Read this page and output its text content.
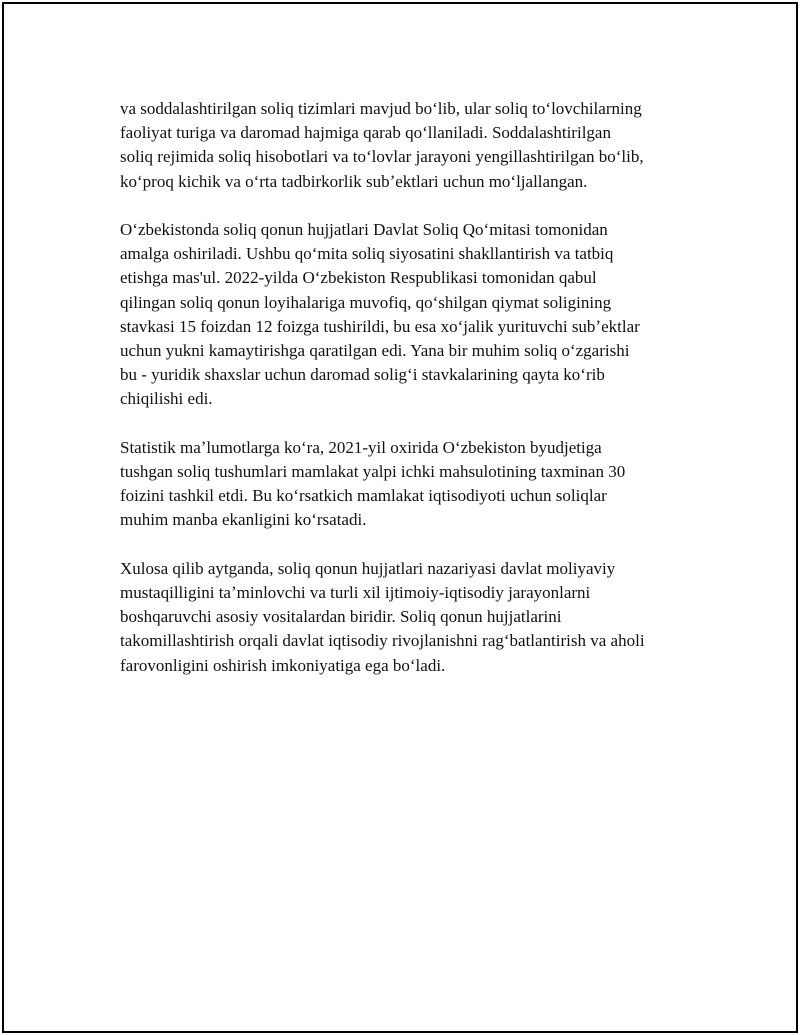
va soddalashtirilgan soliq tizimlari mavjud boʻlib, ular soliq toʻlovchilarning
faoliyat turiga va daromad hajmiga qarab qoʻllaniladi. Soddalashtirilgan
soliq rejimida soliq hisobotlari va toʻlovlar jarayoni yengillashtirilgan boʻlib,
koʻproq kichik va oʻrta tadbirkorlik subʼektlari uchun moʻljallangan.

Oʻzbekistonda soliq qonun hujjatlari Davlat Soliq Qoʻmitasi tomonidan
amalga oshiriladi. Ushbu qoʻmita soliq siyosatini shakllantirish va tatbiq
etishga mas'ul. 2022-yilda Oʻzbekiston Respublikasi tomonidan qabul
qilingan soliq qonun loyihalariga muvofiq, qoʻshilgan qiymat soligining
stavkasi 15 foizdan 12 foizga tushirildi, bu esa xoʻjalik yurituvchi subʼektlar
uchun yukni kamaytirishga qaratilgan edi. Yana bir muhim soliq oʻzgarishi
bu - yuridik shaxslar uchun daromad soligʻi stavkalarining qayta koʻrib
chiqilishi edi.

Statistik maʼlumotlarga koʻra, 2021-yil oxirida Oʻzbekiston byudjetiga
tushgan soliq tushumlari mamlakat yalpi ichki mahsulotining taxminan 30
foizini tashkil etdi. Bu koʻrsatkich mamlakat iqtisodiyoti uchun soliqlar
muhim manba ekanligini koʻrsatadi.

Xulosa qilib aytganda, soliq qonun hujjatlari nazariyasi davlat moliyaviy
mustaqilligini taʼminlovchi va turli xil ijtimoiy-iqtisodiy jarayonlarni
boshqaruvchi asosiy vositalardan biridir. Soliq qonun hujjatlarini
takomillashtirish orqali davlat iqtisodiy rivojlanishni ragʻbatlantirish va aholi
farovonligini oshirish imkoniyatiga ega boʻladi.
